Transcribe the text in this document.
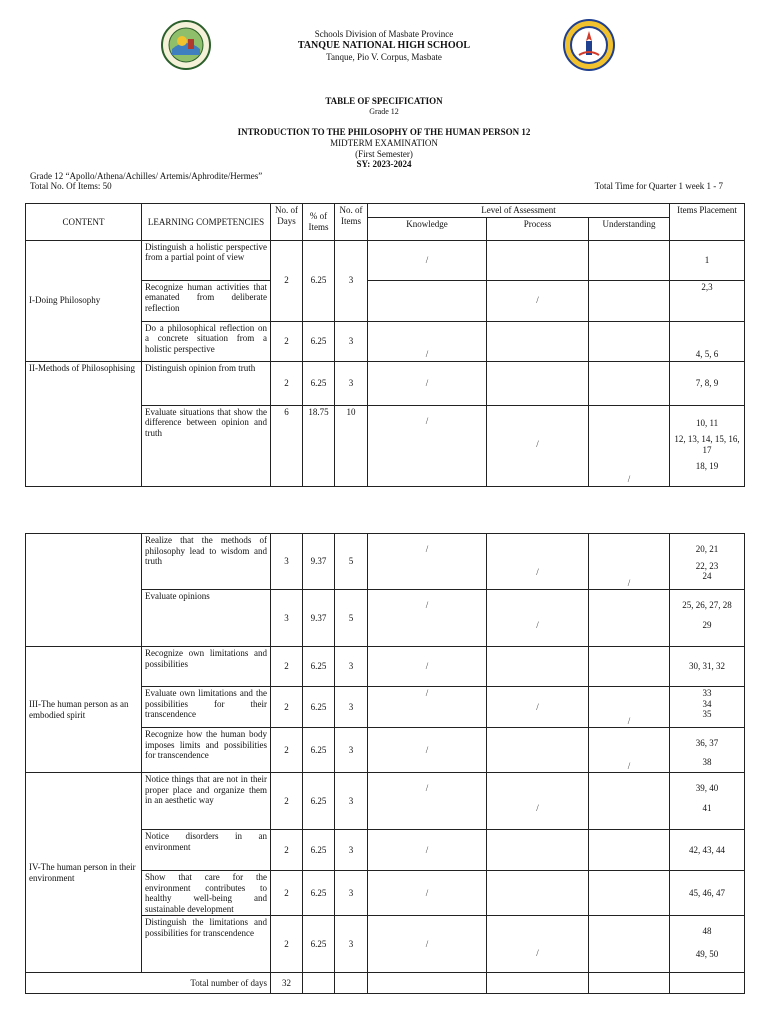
Schools Division of Masbate Province
TANQUE NATIONAL HIGH SCHOOL
Tanque, Pio V. Corpus, Masbate
TABLE OF SPECIFICATION
Grade 12
INTRODUCTION TO THE PHILOSOPHY OF THE HUMAN PERSON 12
MIDTERM EXAMINATION
(First Semester)
SY: 2023-2024
Grade 12 “Apollo/Athena/Achilles/ Artemis/Aphrodite/Hermes”
Total No. Of Items: 50	Total Time for Quarter 1 week 1 - 7
CONTENT	LEARNING COMPETENCIES	No. of Days	% of Items	No. of Items	Level of Assessment			Items Placement
					Knowledge	Process	Understanding	
I-Doing Philosophy	Distinguish a holistic perspective from a partial point of view	2	6.25	3	/			1
	Recognize human activities that emanated from deliberate reflection					/		2,3
	Do a philosophical reflection on a concrete situation from a holistic perspective	2	6.25	3	/			4, 5, 6
II-Methods of Philosophising	Distinguish opinion from truth	2	6.25	3	/			7, 8, 9
	Evaluate situations that show the difference between opinion and truth	6	18.75	10	/	/	/	10, 11
12, 13, 14, 15, 16, 17
18, 19
	Realize that the methods of philosophy lead to wisdom and truth	3	9.37	5	/	/	/	20, 21
22, 23
24

	Evaluate opinions	3	9.37	5	/	/		25, 26, 27, 28
29

III-The human person as an embodied spirit	Recognize own limitations and possibilities	2	6.25	3	/			30, 31, 32
	Evaluate own limitations and the possibilities for their transcendence	2	6.25	3	/	/	/	33
34
35

	Recognize how the human body imposes limits and possibilities for transcendence	2	6.25	3	/		/	36, 37
38

IV-The human person in their environment	Notice things that are not in their proper place and organize them in an aesthetic way	2	6.25	3	/	/		39, 40
41

	Notice disorders in an environment	2	6.25	3	/			42, 43, 44
	Show that care for the environment contributes to healthy well-being and sustainable development	2	6.25	3	/			45, 46, 47
	Distinguish the limitations and possibilities for transcendence	2	6.25	3	/	/		48
49, 50

Total number of days		32						
